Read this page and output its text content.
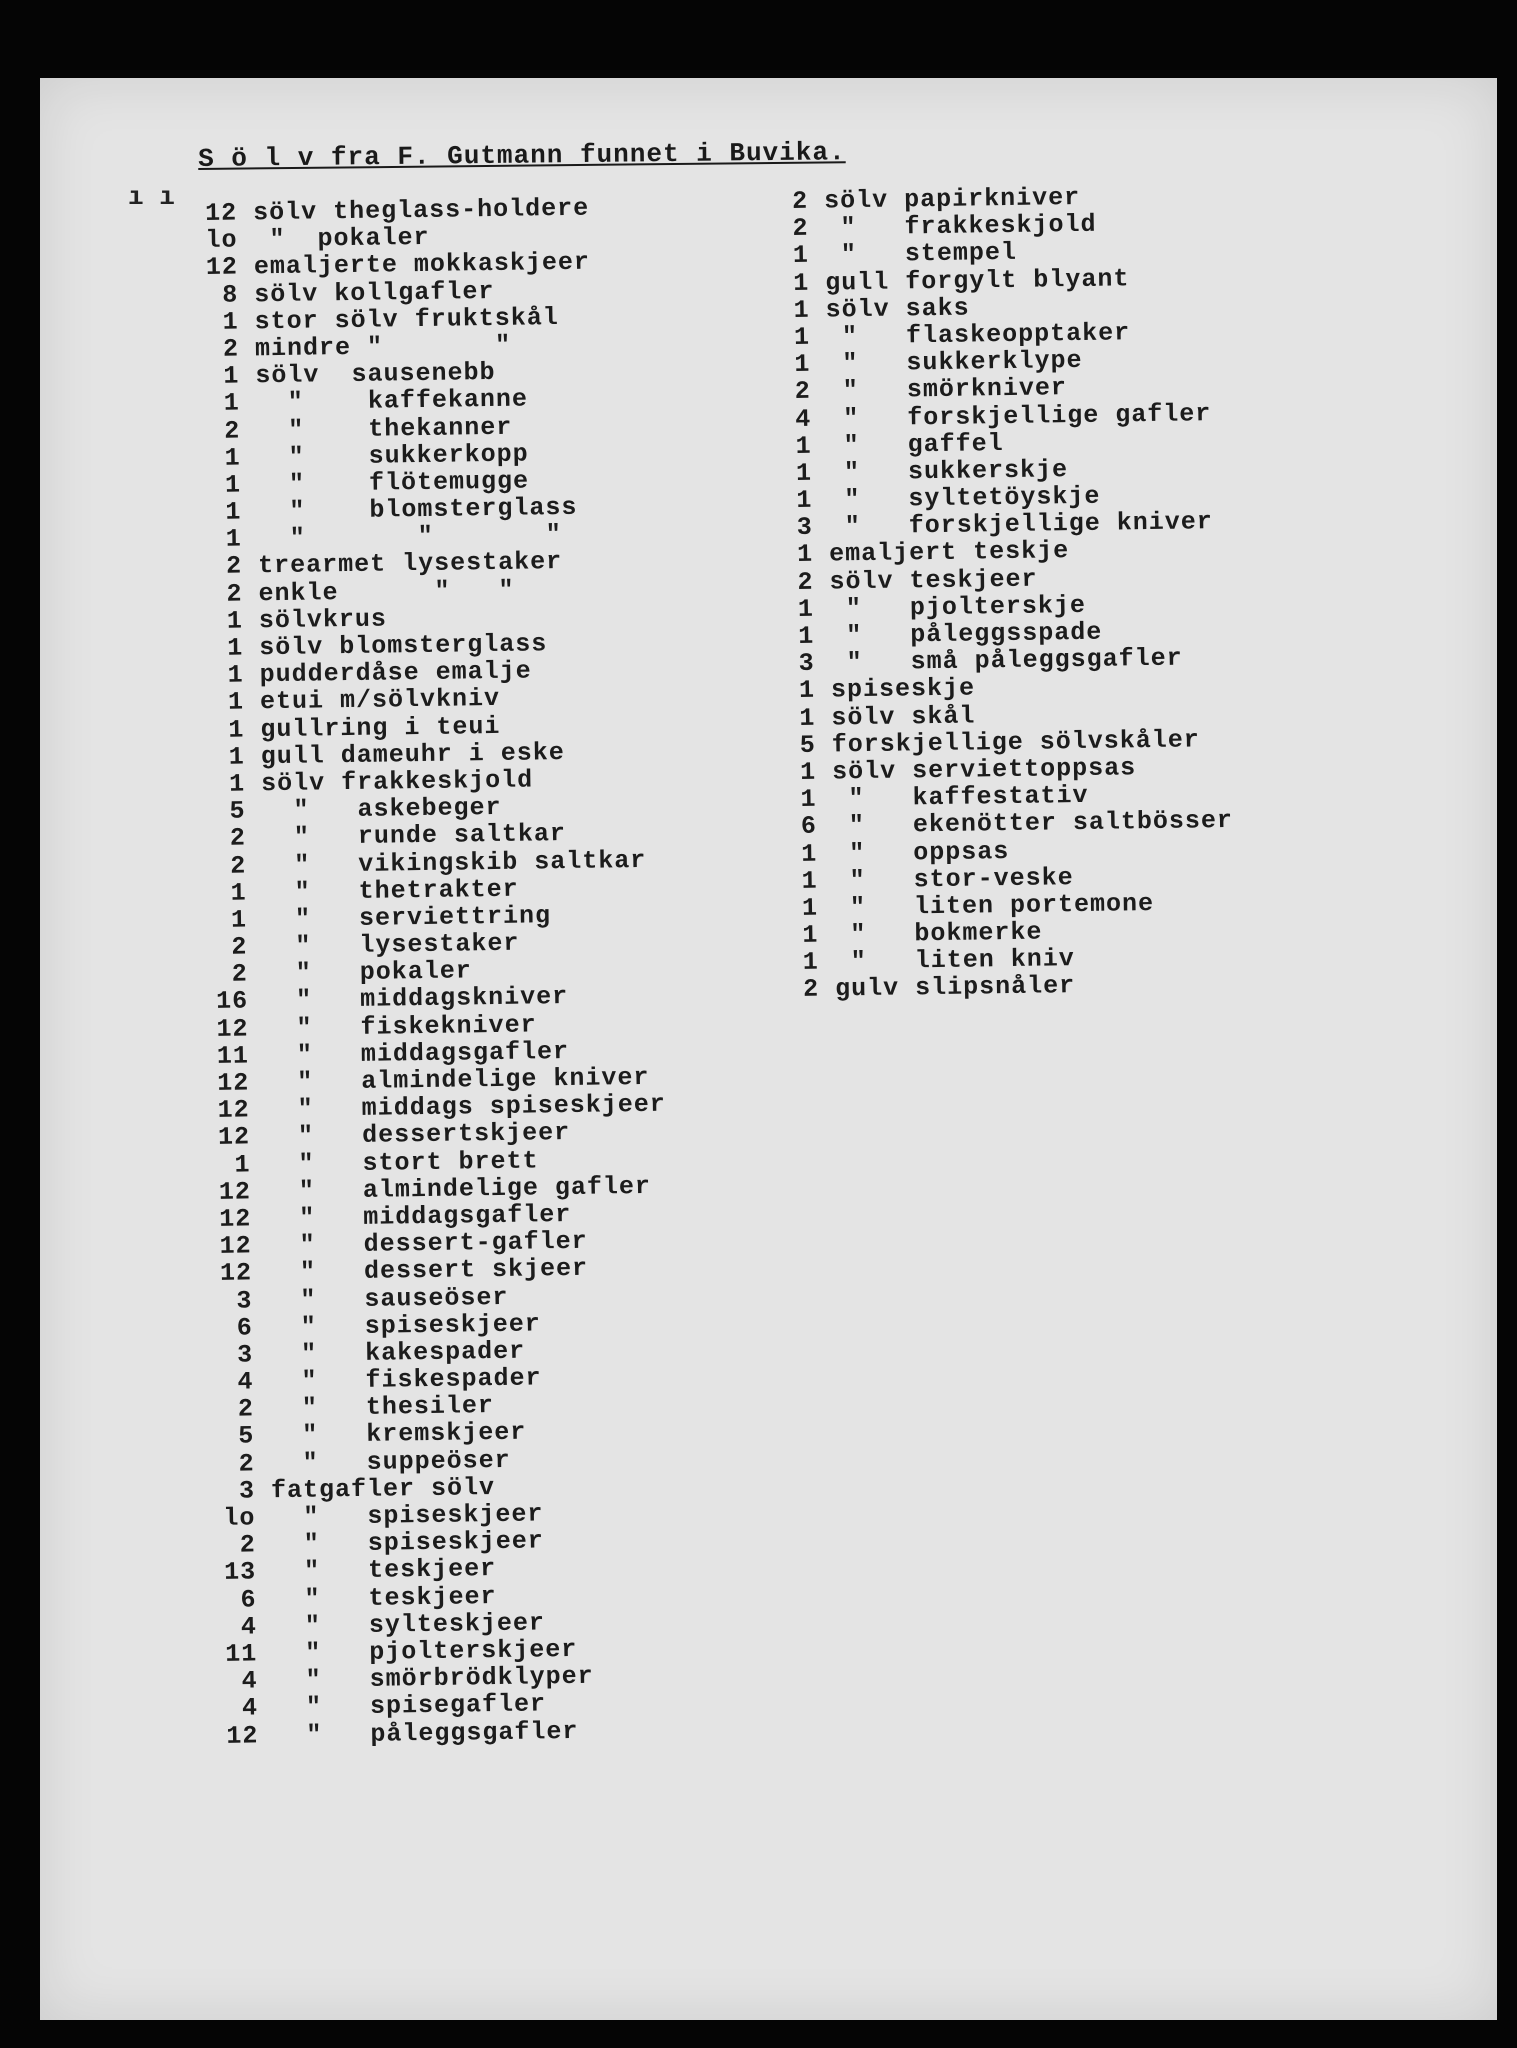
ı ı
S ö l v fra F. Gutmann funnet i Buvika.
12 sölv theglass-holdere
lo  "  pokaler
12 emaljerte mokkaskjeer
8 sölv kollgafler
1 stor sölv fruktskål
2 mindre "       "
1 sölv  sausenebb
1   "    kaffekanne
2   "    thekanner
1   "    sukkerkopp
1   "    flötemugge
1   "    blomsterglass
1   "       "       "
2 trearmet lysestaker
2 enkle      "   "
1 sölvkrus
1 sölv blomsterglass
1 pudderdåse emalje
1 etui m/sölvkniv
1 gullring i teui
1 gull dameuhr i eske
1 sölv frakkeskjold
5   "   askebeger
2   "   runde saltkar
2   "   vikingskib saltkar
1   "   thetrakter
1   "   serviettring
2   "   lysestaker
2   "   pokaler
16   "   middagskniver
12   "   fiskekniver
11   "   middagsgafler
12   "   almindelige kniver
12   "   middags spiseskjeer
12   "   dessertskjeer
1   "   stort brett
12   "   almindelige gafler
12   "   middagsgafler
12   "   dessert-gafler
12   "   dessert skjeer
3   "   sauseöser
6   "   spiseskjeer
3   "   kakespader
4   "   fiskespader
2   "   thesiler
5   "   kremskjeer
2   "   suppeöser
3 fatgafler sölv
lo   "   spiseskjeer
2   "   spiseskjeer
13   "   teskjeer
6   "   teskjeer
4   "   sylteskjeer
11   "   pjolterskjeer
4   "   smörbrödklyper
4   "   spisegafler
12   "   påleggsgafler
2 sölv papirkniver
2  "   frakkeskjold
1  "   stempel
1 gull forgylt blyant
1 sölv saks
1  "   flaskeopptaker
1  "   sukkerklype
2  "   smörkniver
4  "   forskjellige gafler
1  "   gaffel
1  "   sukkerskje
1  "   syltetöyskje
3  "   forskjellige kniver
1 emaljert teskje
2 sölv teskjeer
1  "   pjolterskje
1  "   påleggsspade
3  "   små påleggsgafler
1 spiseskje
1 sölv skål
5 forskjellige sölvskåler
1 sölv serviettoppsas
1  "   kaffestativ
6  "   ekenötter saltbösser
1  "   oppsas
1  "   stor-veske
1  "   liten portemone
1  "   bokmerke
1  "   liten kniv
2 gulv slipsnåler
